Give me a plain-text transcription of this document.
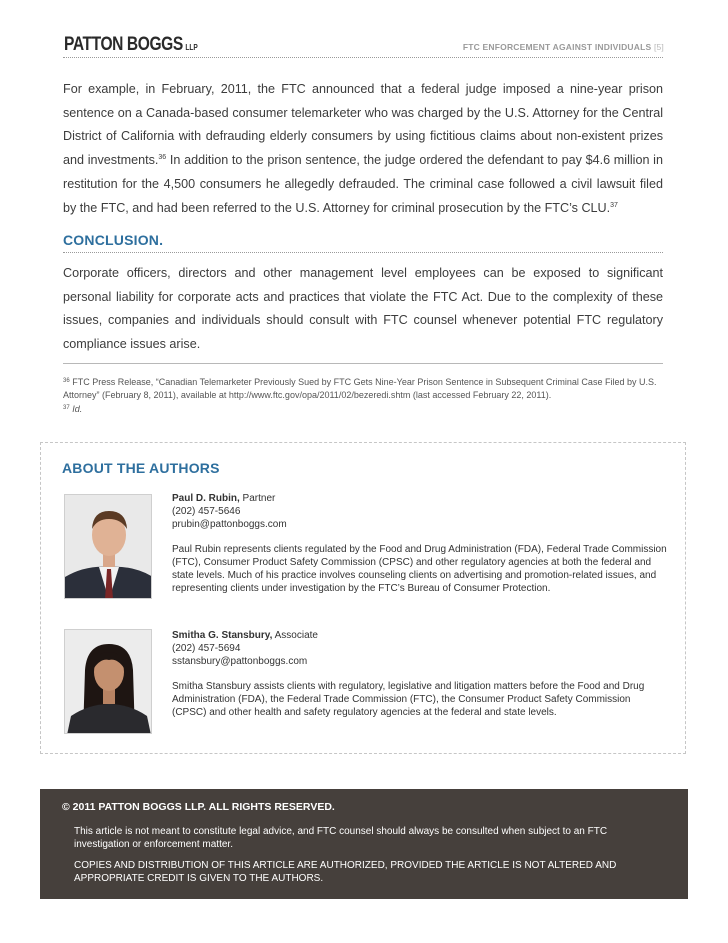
PATTON BOGGS LLP	FTC ENFORCEMENT AGAINST INDIVIDUALS [5]

For example, in February, 2011, the FTC announced that a federal judge imposed a nine-year prison sentence on a Canada-based consumer telemarketer who was charged by the U.S. Attorney for the Central District of California with defrauding elderly consumers by using fictitious claims about non-existent prizes and investments.$^{36}$ In addition to the prison sentence, the judge ordered the defendant to pay $4.6 million in restitution for the 4,500 consumers he allegedly defrauded. The criminal case followed a civil lawsuit filed by the FTC, and had been referred to the U.S. Attorney for criminal prosecution by the FTC’s CLU.$^{37}$

CONCLUSION.

Corporate officers, directors and other management level employees can be exposed to significant personal liability for corporate acts and practices that violate the FTC Act. Due to the complexity of these issues, companies and individuals should consult with FTC counsel whenever potential FTC regulatory compliance issues arise.

$^{36}$ FTC Press Release, “Canadian Telemarketer Previously Sued by FTC Gets Nine-Year Prison Sentence in Subsequent Criminal Case Filed by U.S. Attorney” (February 8, 2011), available at http://www.ftc.gov/opa/2011/02/bezeredi.shtm (last accessed February 22, 2011).
$^{37}$ Id.
ABOUT THE AUTHORS
Paul D. Rubin, Partner
(202) 457-5646
prubin@pattonboggs.com
Paul Rubin represents clients regulated by the Food and Drug Administration (FDA), Federal Trade Commission (FTC), Consumer Product Safety Commission (CPSC) and other regulatory agencies at both the federal and state levels. Much of his practice involves counseling clients on advertising and promotion-related issues, and representing clients under investigation by the FTC’s Bureau of Consumer Protection.
Smitha G. Stansbury, Associate
(202) 457-5694
sstansbury@pattonboggs.com
Smitha Stansbury assists clients with regulatory, legislative and litigation matters before the Food and Drug Administration (FDA), the Federal Trade Commission (FTC), the Consumer Product Safety Commission (CPSC) and other health and safety regulatory agencies at the federal and state levels.
© 2011 PATTON BOGGS LLP. ALL RIGHTS RESERVED.
This article is not meant to constitute legal advice, and FTC counsel should always be consulted when subject to an FTC investigation or enforcement matter.
COPIES AND DISTRIBUTION OF THIS ARTICLE ARE AUTHORIZED, PROVIDED THE ARTICLE IS NOT ALTERED AND APPROPRIATE CREDIT IS GIVEN TO THE AUTHORS.
